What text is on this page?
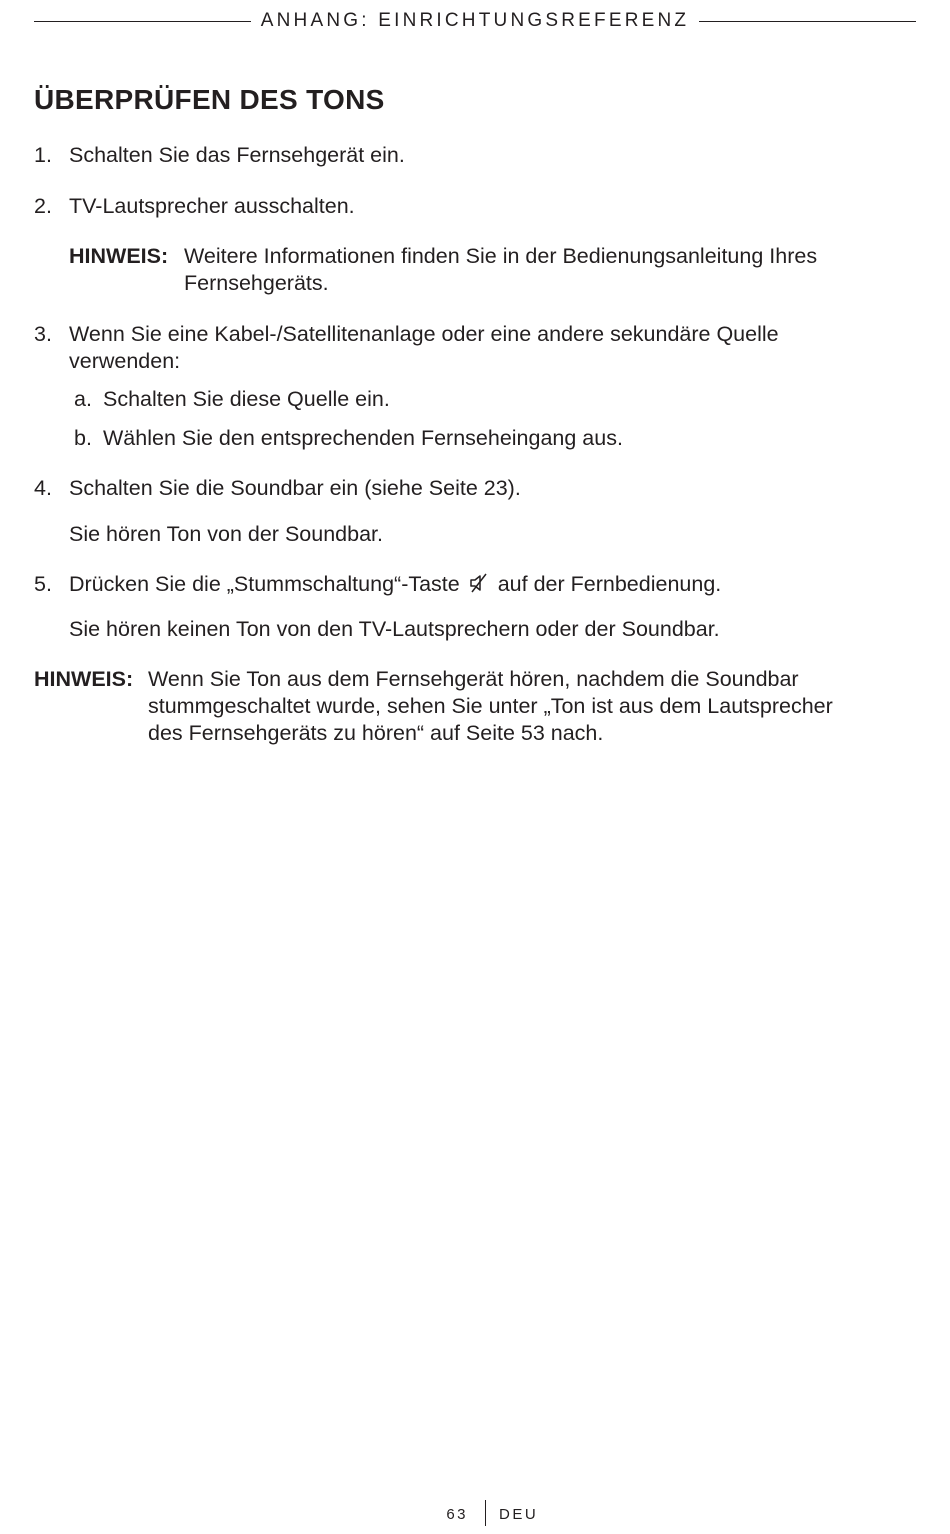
ANHANG: EINRICHTUNGSREFERENZ
ÜBERPRÜFEN DES TONS
1. Schalten Sie das Fernsehgerät ein.
2. TV-Lautsprecher ausschalten.
HINWEIS: Weitere Informationen finden Sie in der Bedienungsanleitung Ihres
Fernsehgeräts.
3. Wenn Sie eine Kabel-/Satellitenanlage oder eine andere sekundäre Quelle
verwenden:
a. Schalten Sie diese Quelle ein.
b. Wählen Sie den entsprechenden Fernseheingang aus.
4. Schalten Sie die Soundbar ein (siehe Seite 23).
Sie hören Ton von der Soundbar.
5. Drücken Sie die „Stummschaltung“-Taste auf der Fernbedienung.
Sie hören keinen Ton von den TV-Lautsprechern oder der Soundbar.
HINWEIS: Wenn Sie Ton aus dem Fernsehgerät hören, nachdem die Soundbar
stummgeschaltet wurde, sehen Sie unter „Ton ist aus dem Lautsprecher
des Fernsehgeräts zu hören“ auf Seite 53 nach.
63 DEU
